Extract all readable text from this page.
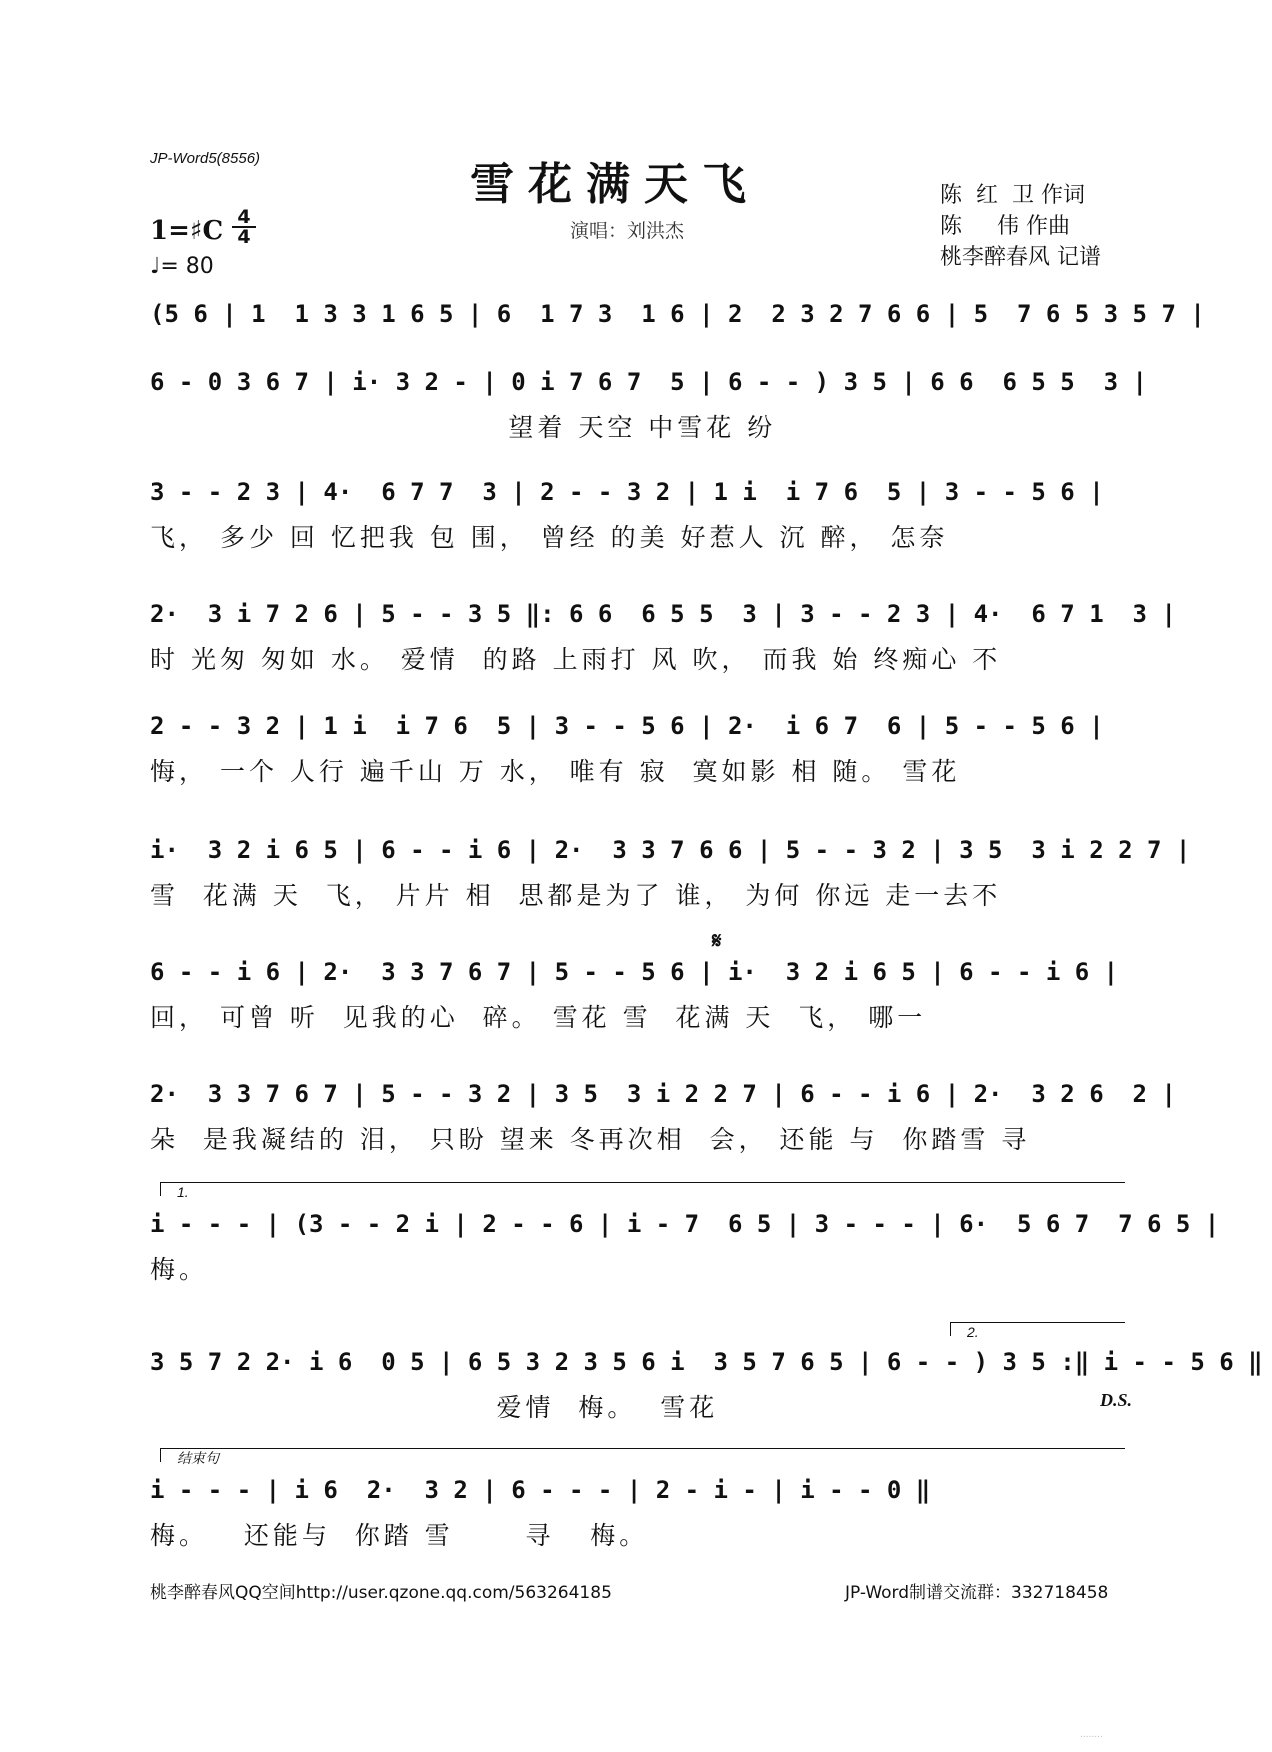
JP-Word5(8556)
雪花满天飞
演唱：刘洪杰
陈  红  卫 作词
陈     伟 作曲
桃李醉春风 记谱
1=♯C 4
4
♩= 80
(5 6 | 1  1 3 3 1 6 5 | 6  1 7 3  1 6 | 2  2 3 2 7 6 6 | 5  7 6 5 3 5 7 |
6 - 0 3 6 7 | i· 3 2 - | 0 i 7 6 7  5 | 6 - - ) 3 5 | 6 6  6 5 5  3 |
望着 天空 中雪花 纷
3 - - 2 3 | 4·  6 7 7  3 | 2 - - 3 2 | 1 i  i 7 6  5 | 3 - - 5 6 |
飞， 多少 回 忆把我 包 围， 曾经 的美 好惹人 沉 醉， 怎奈
2·  3 i 7 2 6 | 5 - - 3 5 ‖: 6 6  6 5 5  3 | 3 - - 2 3 | 4·  6 7 1  3 |
时 光匆 匆如 水。 爱情  的路 上雨打 风 吹， 而我 始 终痴心 不
2 - - 3 2 | 1 i  i 7 6  5 | 3 - - 5 6 | 2·  i 6 7  6 | 5 - - 5 6 |
悔， 一个 人行 遍千山 万 水， 唯有 寂  寞如影 相 随。 雪花
i·  3 2 i 6 5 | 6 - - i 6 | 2·  3 3 7 6 6 | 5 - - 3 2 | 3 5  3 i 2 2 7 |
雪  花满 天  飞， 片片 相  思都是为了 谁， 为何 你远 走一去不
𝄋
6 - - i 6 | 2·  3 3 7 6 7 | 5 - - 5 6 | i·  3 2 i 6 5 | 6 - - i 6 |
回， 可曾 听  见我的心  碎。 雪花 雪  花满 天  飞， 哪一
2·  3 3 7 6 7 | 5 - - 3 2 | 3 5  3 i 2 2 7 | 6 - - i 6 | 2·  3 2 6  2 |
朵  是我凝结的 泪， 只盼 望来 冬再次相  会， 还能 与  你踏雪 寻
1.
i - - - | (3 - - 2 i | 2 - - 6 | i - 7  6 5 | 3 - - - | 6·  5 6 7  7 6 5 |
梅。
2.
3 5 7 2 2· i 6  0 5 | 6 5 3 2 3 5 6 i  3 5 7 6 5 | 6 - - ) 3 5 :‖ i - - 5 6 ‖
爱情  梅。  雪花	D.S.
结束句
i - - - | i 6  2·  3 2 | 6 - - - | 2 - i - | i - - 0 ‖
梅。   还能与  你踏 雪      寻   梅。
桃李醉春风QQ空间http://user.qzone.qq.com/563264185	JP-Word制谱交流群：332718458
........
